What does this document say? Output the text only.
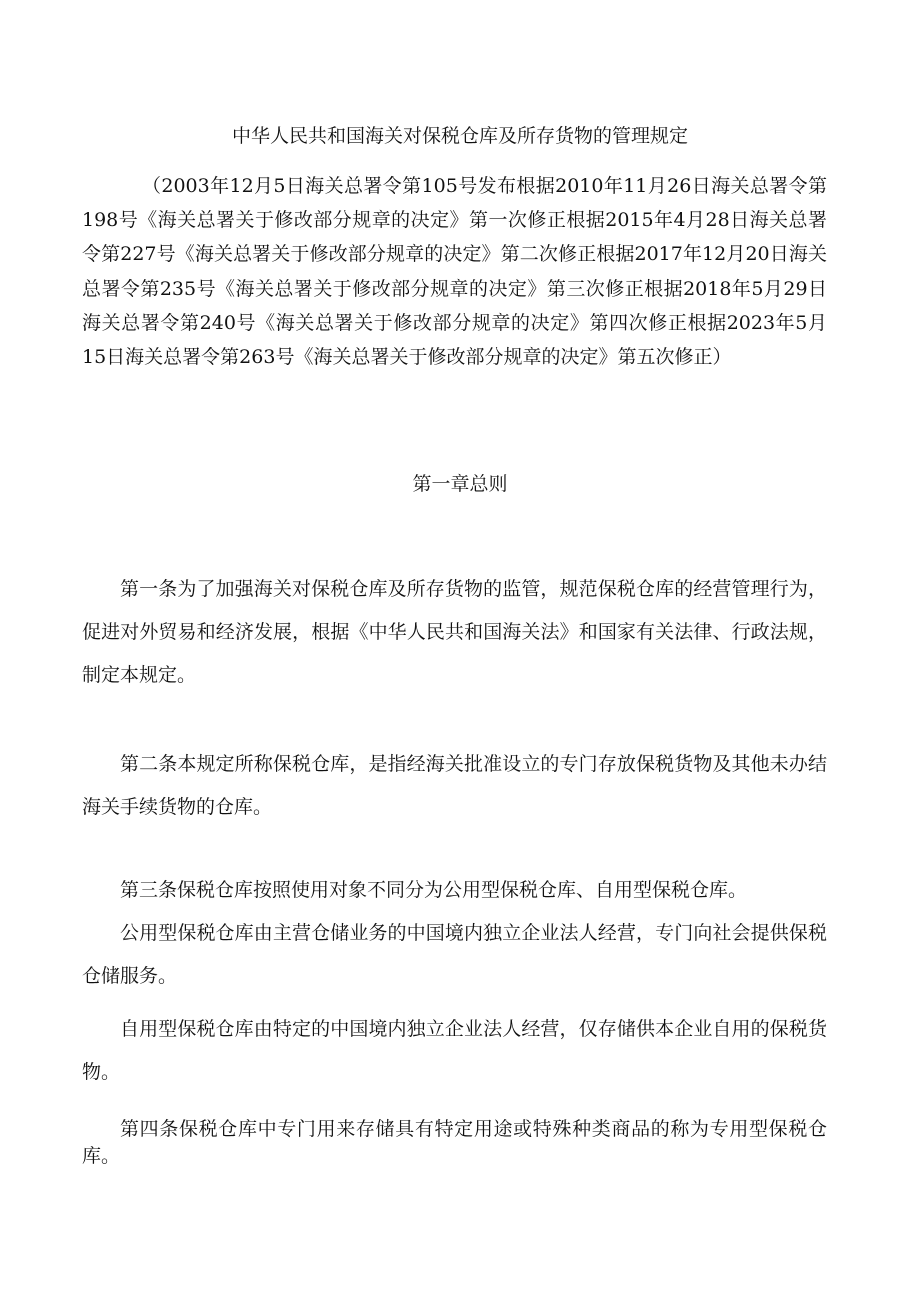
中华人民共和国海关对保税仓库及所存货物的管理规定

（2003年12月5日海关总署令第105号发布根据2010年11月26日海关总署令第198号《海关总署关于修改部分规章的决定》第一次修正根据2015年4月28日海关总署令第227号《海关总署关于修改部分规章的决定》第二次修正根据2017年12月20日海关总署令第235号《海关总署关于修改部分规章的决定》第三次修正根据2018年5月29日海关总署令第240号《海关总署关于修改部分规章的决定》第四次修正根据2023年5月15日海关总署令第263号《海关总署关于修改部分规章的决定》第五次修正）

第一章总则

第一条为了加强海关对保税仓库及所存货物的监管，规范保税仓库的经营管理行为，促进对外贸易和经济发展，根据《中华人民共和国海关法》和国家有关法律、行政法规，制定本规定。

第二条本规定所称保税仓库，是指经海关批准设立的专门存放保税货物及其他未办结海关手续货物的仓库。

第三条保税仓库按照使用对象不同分为公用型保税仓库、自用型保税仓库。

公用型保税仓库由主营仓储业务的中国境内独立企业法人经营，专门向社会提供保税仓储服务。

自用型保税仓库由特定的中国境内独立企业法人经营，仅存储供本企业自用的保税货物。

第四条保税仓库中专门用来存储具有特定用途或特殊种类商品的称为专用型保税仓库。
